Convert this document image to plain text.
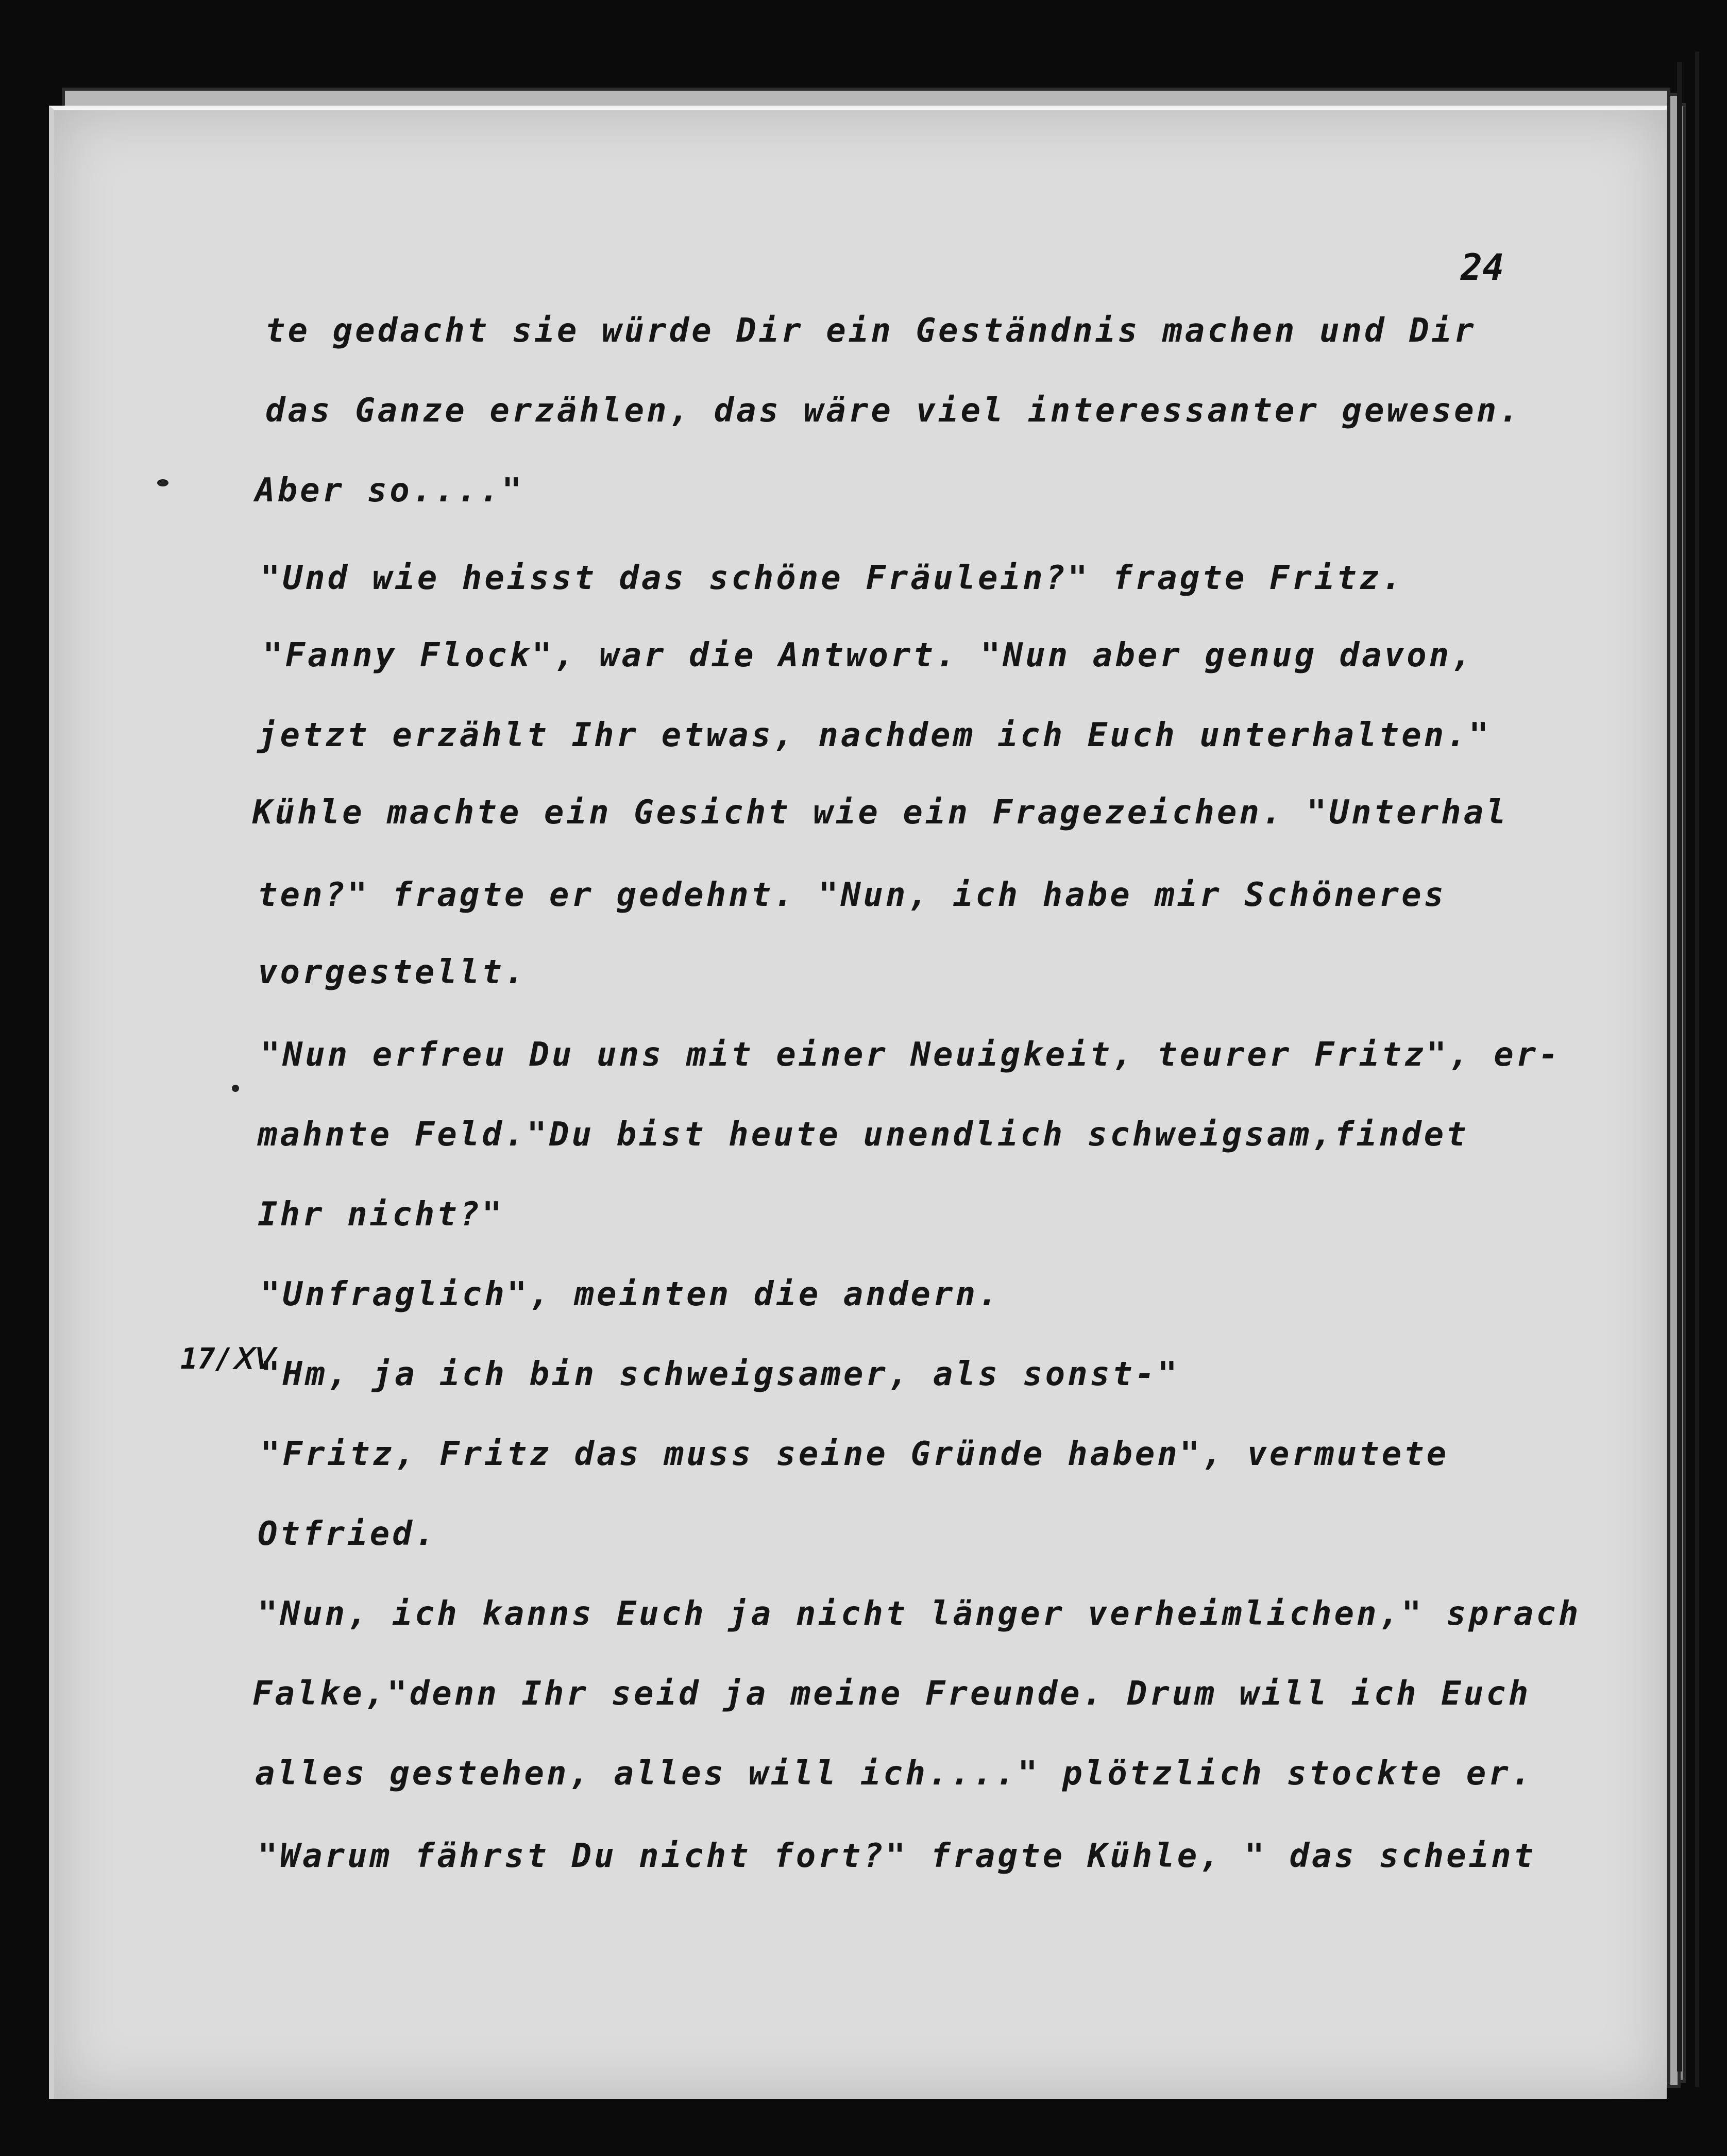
24
17/ⅩⅤ
te gedacht sie würde Dir ein Geständnis machen und Dir
das Ganze erzählen, das wäre viel interessanter gewesen.
Aber so...."
"Und wie heisst das schöne Fräulein?" fragte Fritz.
"Fanny Flock", war die Antwort. "Nun aber genug davon,
jetzt erzählt Ihr etwas, nachdem ich Euch unterhalten."
Kühle machte ein Gesicht wie ein Fragezeichen. "Unterhal
ten?" fragte er gedehnt. "Nun, ich habe mir Schöneres
vorgestellt.
"Nun erfreu Du uns mit einer Neuigkeit, teurer Fritz", er-
mahnte Feld."Du bist heute unendlich schweigsam,findet
Ihr nicht?"
"Unfraglich", meinten die andern.
"Hm, ja ich bin schweigsamer, als sonst-"
"Fritz, Fritz das muss seine Gründe haben", vermutete
Otfried.
"Nun, ich kanns Euch ja nicht länger verheimlichen," sprach
Falke,"denn Ihr seid ja meine Freunde. Drum will ich Euch
alles gestehen, alles will ich...." plötzlich stockte er.
"Warum fährst Du nicht fort?" fragte Kühle, " das scheint
